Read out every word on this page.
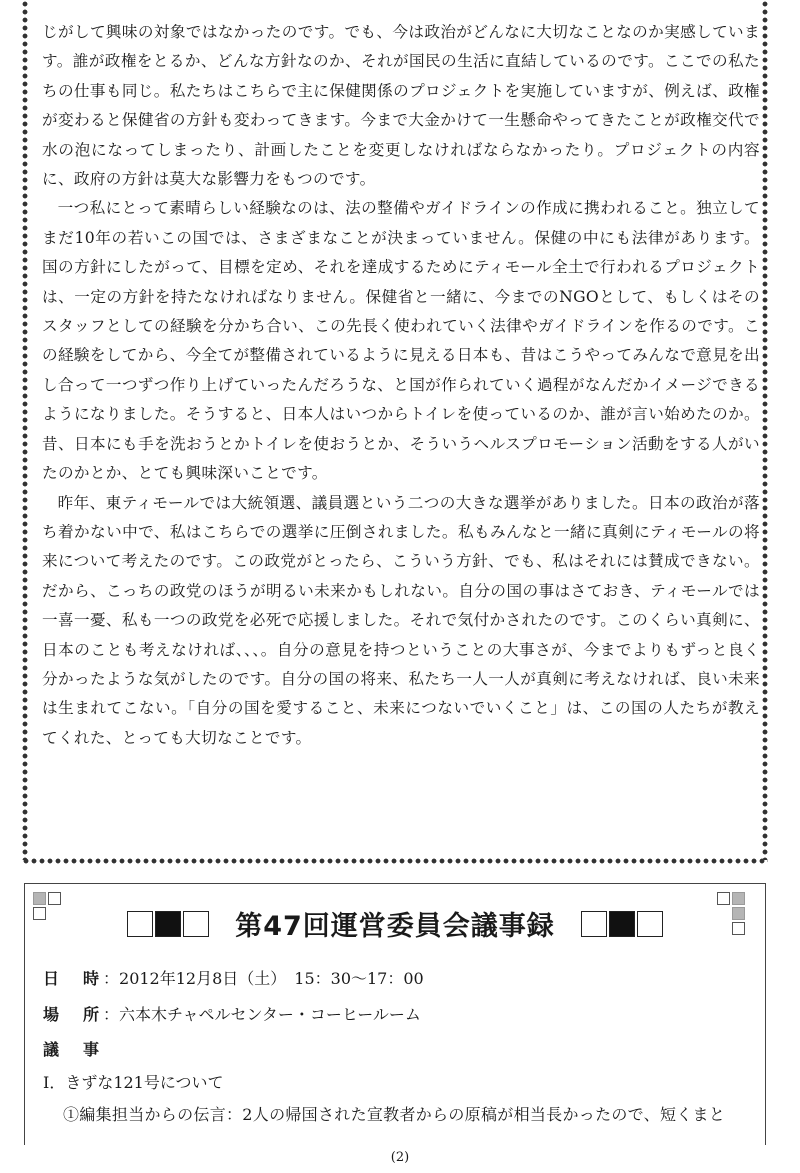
じがして興味の対象ではなかったのです。でも、今は政治がどんなに大切なことなのか実感しています。誰が政権をとるか、どんな方針なのか、それが国民の生活に直結しているのです。ここでの私たちの仕事も同じ。私たちはこちらで主に保健関係のプロジェクトを実施していますが、例えば、政権が変わると保健省の方針も変わってきます。今まで大金かけて一生懸命やってきたことが政権交代で水の泡になってしまったり、計画したことを変更しなければならなかったり。プロジェクトの内容に、政府の方針は莫大な影響力をもつのです。

一つ私にとって素晴らしい経験なのは、法の整備やガイドラインの作成に携われること。独立してまだ10年の若いこの国では、さまざまなことが決まっていません。保健の中にも法律があります。国の方針にしたがって、目標を定め、それを達成するためにティモール全土で行われるプロジェクトは、一定の方針を持たなければなりません。保健省と一緒に、今までのNGOとして、もしくはそのスタッフとしての経験を分かち合い、この先長く使われていく法律やガイドラインを作るのです。この経験をしてから、今全てが整備されているように見える日本も、昔はこうやってみんなで意見を出し合って一つずつ作り上げていったんだろうな、と国が作られていく過程がなんだかイメージできるようになりました。そうすると、日本人はいつからトイレを使っているのか、誰が言い始めたのか。昔、日本にも手を洗おうとかトイレを使おうとか、そういうヘルスプロモーション活動をする人がいたのかとか、とても興味深いことです。

昨年、東ティモールでは大統領選、議員選という二つの大きな選挙がありました。日本の政治が落ち着かない中で、私はこちらでの選挙に圧倒されました。私もみんなと一緒に真剣にティモールの将来について考えたのです。この政党がとったら、こういう方針、でも、私はそれには賛成できない。だから、こっちの政党のほうが明るい未来かもしれない。自分の国の事はさておき、ティモールでは一喜一憂、私も一つの政党を必死で応援しました。それで気付かされたのです。このくらい真剣に、日本のことも考えなければ、、、。自分の意見を持つということの大事さが、今までよりもずっと良く分かったような気がしたのです。自分の国の将来、私たち一人一人が真剣に考えなければ、良い未来は生まれてこない。「自分の国を愛すること、未来につないでいくこと」は、この国の人たちが教えてくれた、とっても大切なことです。

第47回運営委員会議事録
日　時：2012年12月8日（土）　15：30〜17：00
場　所：六本木チャペルセンター・コーヒールーム
議　事
Ⅰ．きずな121号について
①編集担当からの伝言：2人の帰国された宣教者からの原稿が相当長かったので、短くまと
(2)
